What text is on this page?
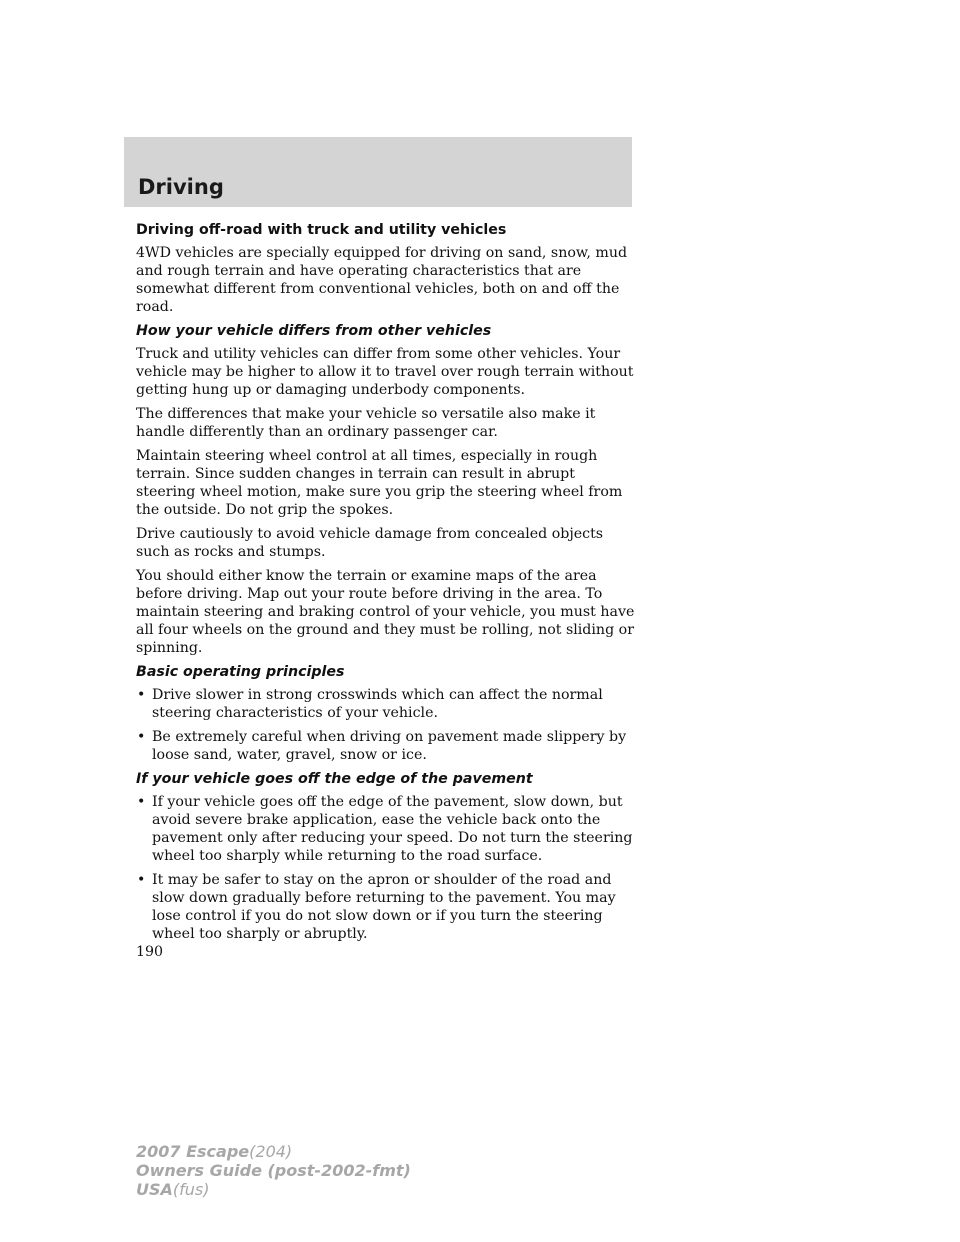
Driving
Driving off-road with truck and utility vehicles

4WD vehicles are specially equipped for driving on sand, snow, mud and rough terrain and have operating characteristics that are somewhat different from conventional vehicles, both on and off the road.

How your vehicle differs from other vehicles

Truck and utility vehicles can differ from some other vehicles. Your vehicle may be higher to allow it to travel over rough terrain without getting hung up or damaging underbody components.

The differences that make your vehicle so versatile also make it handle differently than an ordinary passenger car.

Maintain steering wheel control at all times, especially in rough terrain. Since sudden changes in terrain can result in abrupt steering wheel motion, make sure you grip the steering wheel from the outside. Do not grip the spokes.

Drive cautiously to avoid vehicle damage from concealed objects such as rocks and stumps.

You should either know the terrain or examine maps of the area before driving. Map out your route before driving in the area. To maintain steering and braking control of your vehicle, you must have all four wheels on the ground and they must be rolling, not sliding or spinning.

Basic operating principles
• Drive slower in strong crosswinds which can affect the normal steering characteristics of your vehicle.
• Be extremely careful when driving on pavement made slippery by loose sand, water, gravel, snow or ice.
If your vehicle goes off the edge of the pavement
• If your vehicle goes off the edge of the pavement, slow down, but avoid severe brake application, ease the vehicle back onto the pavement only after reducing your speed. Do not turn the steering wheel too sharply while returning to the road surface.
• It may be safer to stay on the apron or shoulder of the road and slow down gradually before returning to the pavement. You may lose control if you do not slow down or if you turn the steering wheel too sharply or abruptly.
190
2007 Escape(204)
Owners Guide (post-2002-fmt)
USA(fus)
